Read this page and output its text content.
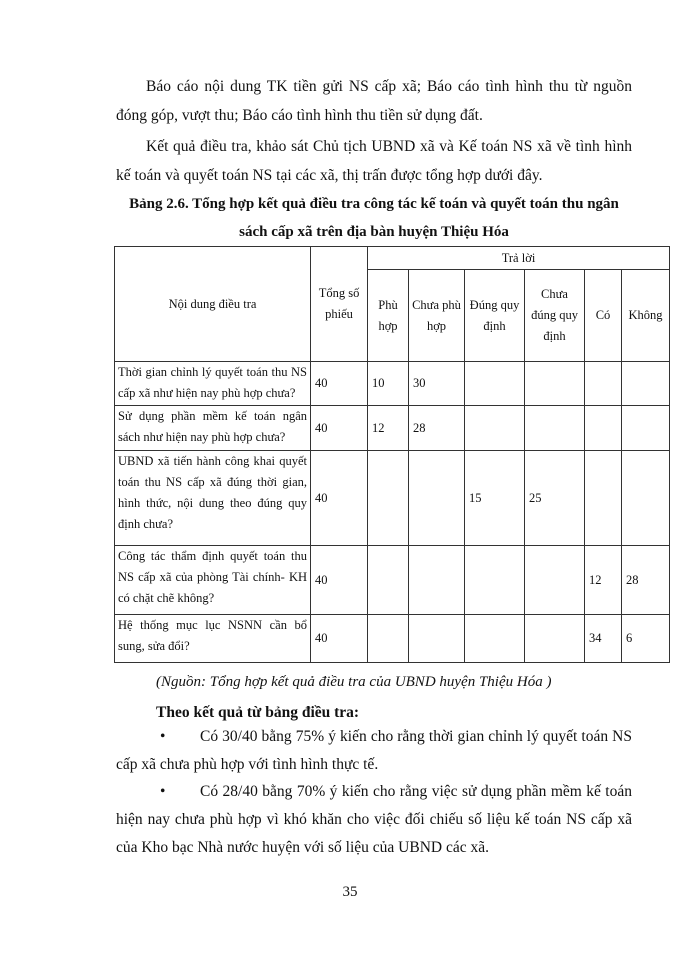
Báo cáo nội dung TK tiền gửi NS cấp xã; Báo cáo tình hình thu từ nguồn đóng góp, vượt thu; Báo cáo tình hình thu tiền sử dụng đất.

Kết quả điều tra, khảo sát Chủ tịch UBND xã và Kế toán NS xã về tình hình kế toán và quyết toán NS tại các xã, thị trấn được tổng hợp dưới đây.

Bảng 2.6. Tổng hợp kết quả điều tra công tác kế toán và quyết toán thu ngân sách cấp xã trên địa bàn huyện Thiệu Hóa

Nội dung điều tra	Tổng số phiếu	Trả lời					
		Phù hợp	Chưa phù hợp	Đúng quy định	Chưa đúng quy định	Có	Không
Thời gian chỉnh lý quyết toán thu NS cấp xã như hiện nay phù hợp chưa?	40	10	30				
Sử dụng phần mềm kế toán ngân sách như hiện nay phù hợp chưa?	40	12	28				
UBND xã tiến hành công khai quyết toán thu NS cấp xã đúng thời gian, hình thức, nội dung theo đúng quy định chưa?	40			15	25		
Công tác thẩm định quyết toán thu NS cấp xã của phòng Tài chính- KH có chặt chẽ không?	40					12	28
Hệ thống mục lục NSNN cần bổ sung, sửa đổi?	40					34	6

(Nguồn: Tổng hợp kết quả điều tra của UBND huyện Thiệu Hóa )

Theo kết quả từ bảng điều tra:

• Có 30/40 bằng 75% ý kiến cho rằng thời gian chỉnh lý quyết toán NS cấp xã chưa phù hợp với tình hình thực tế.

• Có 28/40 bằng 70% ý kiến cho rằng việc sử dụng phần mềm kế toán hiện nay chưa phù hợp vì khó khăn cho việc đối chiếu số liệu kế toán NS cấp xã của Kho bạc Nhà nước huyện với số liệu của UBND các xã.

35
